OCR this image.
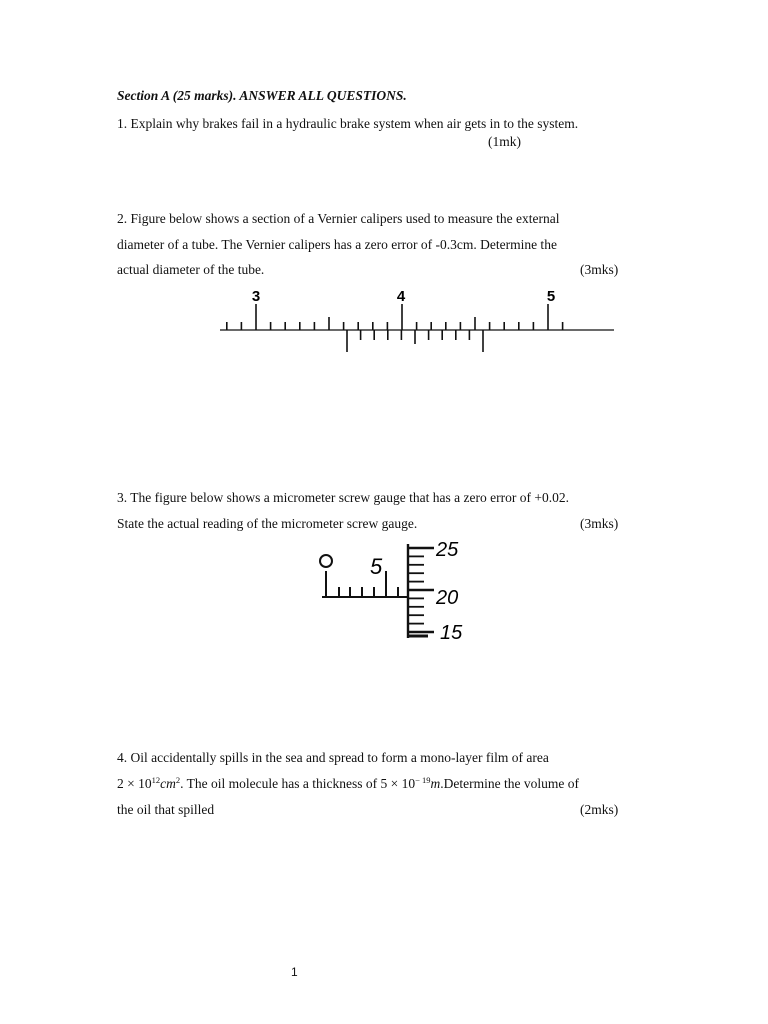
Section A (25 marks). ANSWER ALL QUESTIONS.
1. Explain why brakes fail in a hydraulic brake system when air gets in to the system.
(1mk)
2. Figure below shows a section of a Vernier calipers used to measure the external
diameter of a tube. The Vernier calipers has a zero error of -0.3cm. Determine the
actual diameter of the tube.	(3mks)
3	4	5
3. The figure below shows a micrometer screw gauge that has a zero error of +0.02.
State the actual reading of the micrometer screw gauge.	(3mks)
5
25
20
15
4. Oil accidentally spills in the sea and spread to form a mono-layer film of area
$2 \times 10^{12}cm^2$. The oil molecule has a thickness of $5 \times 10^{- 19}m.Determine$ the volume of
the oil that spilled	(2mks)
1
